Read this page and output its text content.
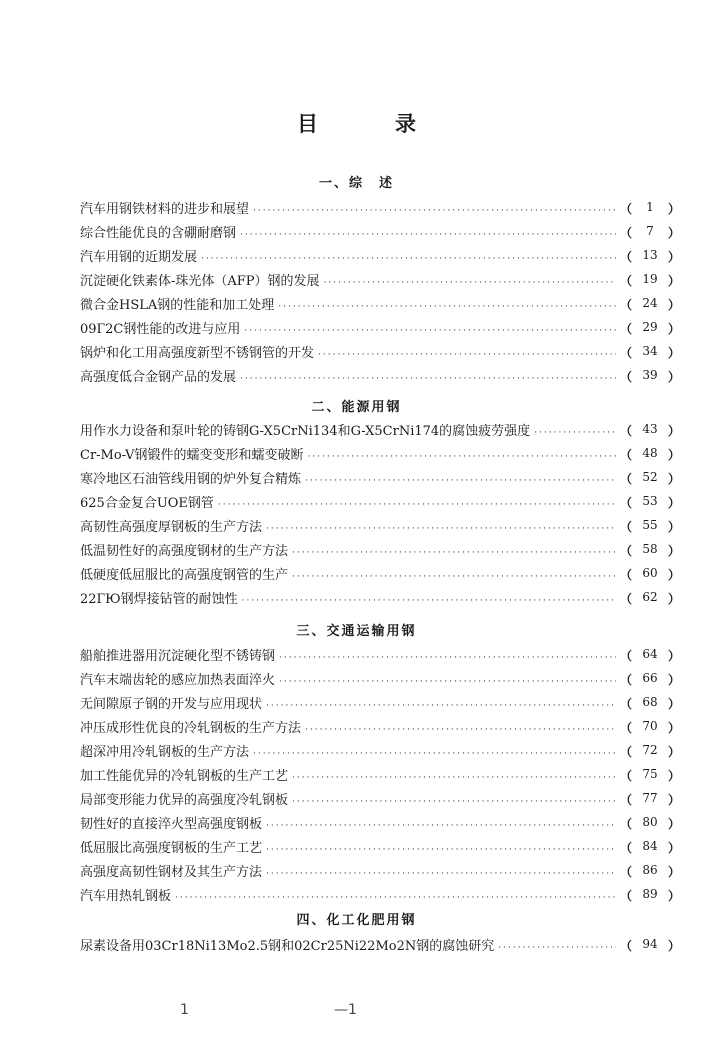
目　录
一、综　述
汽车用钢铁材料的进步和展望 ·····	（ 1 ）
综合性能优良的含硼耐磨钢 ·····	（ 7 ）
汽车用钢的近期发展 ·····	（ 13 ）
沉淀硬化铁素体-珠光体（AFP）钢的发展 ·····	（ 19 ）
微合金HSLA钢的性能和加工处理 ·····	（ 24 ）
09Г2C钢性能的改进与应用 ·····	（ 29 ）
锅炉和化工用高强度新型不锈钢管的开发 ·····	（ 34 ）
高强度低合金钢产品的发展 ·····	（ 39 ）
二、能源用钢
用作水力设备和泵叶轮的铸钢G-X5CrNi134和G-X5CrNi174的腐蚀疲劳强度 ·····	（ 43 ）
Cr-Mo-V钢锻件的蠕变变形和蠕变破断 ·····	（ 48 ）
寒冷地区石油管线用钢的炉外复合精炼 ·····	（ 52 ）
625合金复合UOE钢管 ·····	（ 53 ）
高韧性高强度厚钢板的生产方法 ·····	（ 55 ）
低温韧性好的高强度钢材的生产方法 ·····	（ 58 ）
低硬度低屈服比的高强度钢管的生产 ·····	（ 60 ）
22ГЮ钢焊接钻管的耐蚀性 ·····	（ 62 ）
三、交通运输用钢
船舶推进器用沉淀硬化型不锈铸钢 ·····	（ 64 ）
汽车末端齿轮的感应加热表面淬火 ·····	（ 66 ）
无间隙原子钢的开发与应用现状 ·····	（ 68 ）
冲压成形性优良的冷轧钢板的生产方法 ·····	（ 70 ）
超深冲用冷轧钢板的生产方法 ·····	（ 72 ）
加工性能优异的冷轧钢板的生产工艺 ·····	（ 75 ）
局部变形能力优异的高强度冷轧钢板 ·····	（ 77 ）
韧性好的直接淬火型高强度钢板 ·····	（ 80 ）
低屈服比高强度钢板的生产工艺 ·····	（ 84 ）
高强度高韧性钢材及其生产方法 ·····	（ 86 ）
汽车用热轧钢板 ·····	（ 89 ）
四、化工化肥用钢
尿素设备用03Cr18Ni13Mo2.5钢和02Cr25Ni22Mo2N钢的腐蚀研究 ·····	（ 94 ）
1	—1
